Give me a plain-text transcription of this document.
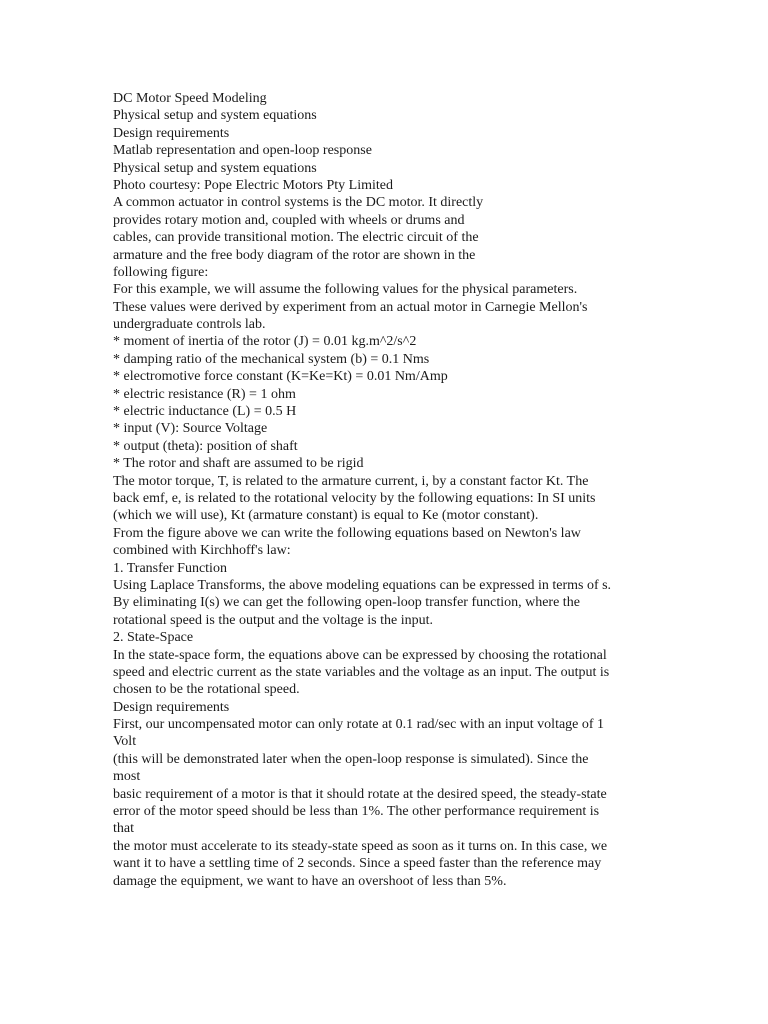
DC Motor Speed Modeling
Physical setup and system equations
Design requirements
Matlab representation and open-loop response
Physical setup and system equations
Photo courtesy: Pope Electric Motors Pty Limited
A common actuator in control systems is the DC motor. It directly
provides rotary motion and, coupled with wheels or drums and
cables, can provide transitional motion. The electric circuit of the
armature and the free body diagram of the rotor are shown in the
following figure:
For this example, we will assume the following values for the physical parameters.
These values were derived by experiment from an actual motor in Carnegie Mellon's
undergraduate controls lab.
* moment of inertia of the rotor (J) = 0.01 kg.m^2/s^2
* damping ratio of the mechanical system (b) = 0.1 Nms
* electromotive force constant (K=Ke=Kt) = 0.01 Nm/Amp
* electric resistance (R) = 1 ohm
* electric inductance (L) = 0.5 H
* input (V): Source Voltage
* output (theta): position of shaft
* The rotor and shaft are assumed to be rigid
The motor torque, T, is related to the armature current, i, by a constant factor Kt. The
back emf, e, is related to the rotational velocity by the following equations: In SI units
(which we will use), Kt (armature constant) is equal to Ke (motor constant).
From the figure above we can write the following equations based on Newton's law
combined with Kirchhoff's law:
1. Transfer Function
Using Laplace Transforms, the above modeling equations can be expressed in terms of s.
By eliminating I(s) we can get the following open-loop transfer function, where the
rotational speed is the output and the voltage is the input.
2. State-Space
In the state-space form, the equations above can be expressed by choosing the rotational
speed and electric current as the state variables and the voltage as an input. The output is
chosen to be the rotational speed.
Design requirements
First, our uncompensated motor can only rotate at 0.1 rad/sec with an input voltage of 1
Volt
(this will be demonstrated later when the open-loop response is simulated). Since the
most
basic requirement of a motor is that it should rotate at the desired speed, the steady-state
error of the motor speed should be less than 1%. The other performance requirement is
that
the motor must accelerate to its steady-state speed as soon as it turns on. In this case, we
want it to have a settling time of 2 seconds. Since a speed faster than the reference may
damage the equipment, we want to have an overshoot of less than 5%.
